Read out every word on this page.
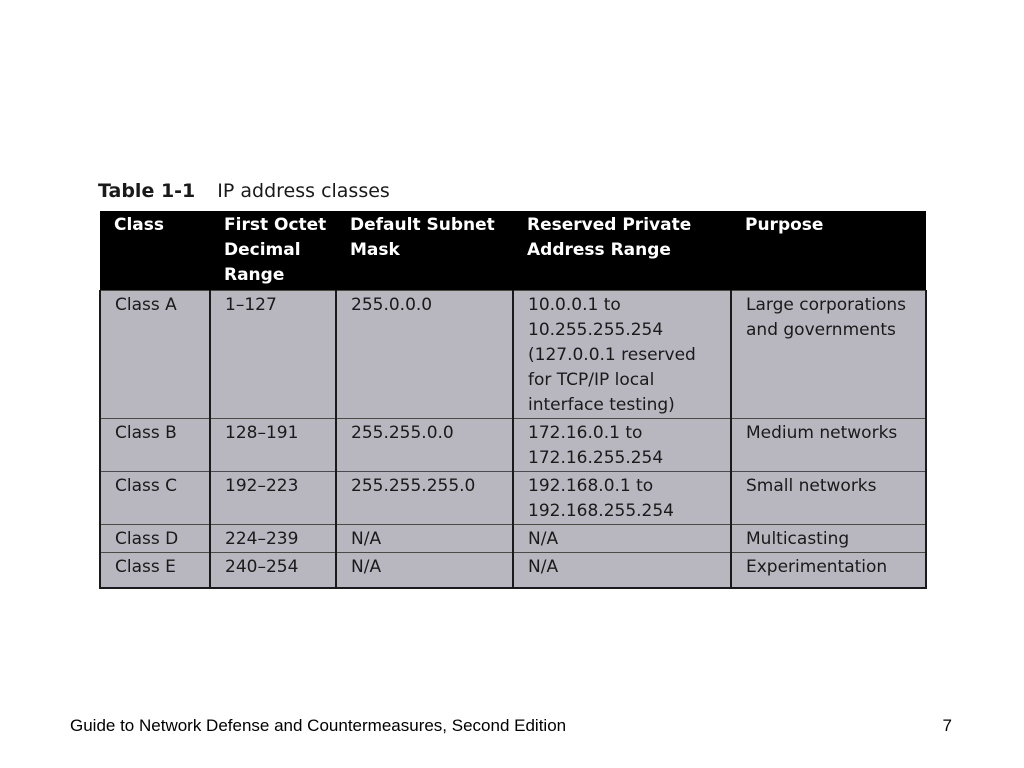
Table 1-1 IP address classes
Class	First Octet Decimal Range	Default Subnet Mask	Reserved Private Address Range	Purpose
Class A	1–127	255.0.0.0	10.0.0.1 to 10.255.255.254 (127.0.0.1 reserved for TCP/IP local interface testing)	Large corporations and governments
Class B	128–191	255.255.0.0	172.16.0.1 to 172.16.255.254	Medium networks
Class C	192–223	255.255.255.0	192.168.0.1 to 192.168.255.254	Small networks
Class D	224–239	N/A	N/A	Multicasting
Class E	240–254	N/A	N/A	Experimentation
Guide to Network Defense and Countermeasures, Second Edition	7
